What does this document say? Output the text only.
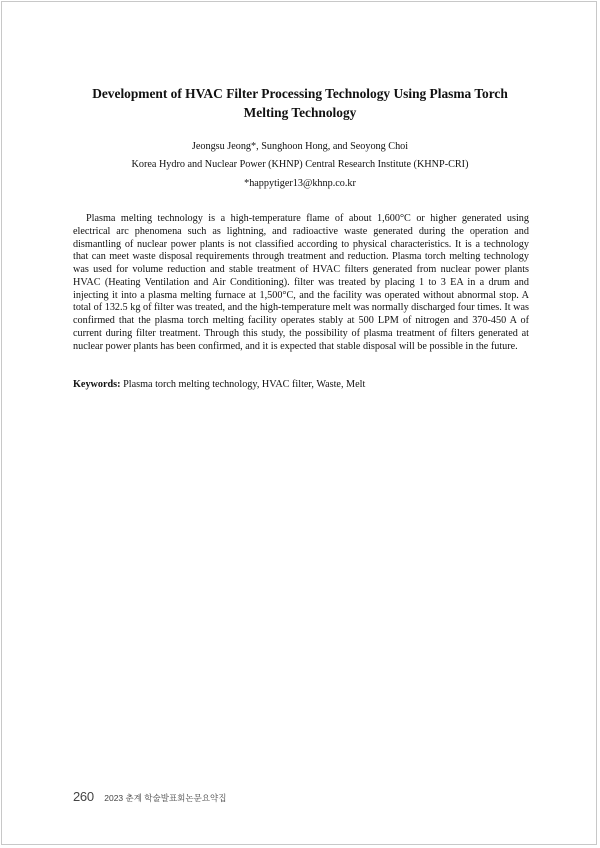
Development of HVAC Filter Processing Technology Using Plasma Torch
Melting Technology

Jeongsu Jeong*, Sunghoon Hong, and Seoyong Choi

Korea Hydro and Nuclear Power (KHNP) Central Research Institute (KHNP-CRI)

*happytiger13@khnp.co.kr

Plasma melting technology is a high-temperature flame of about 1,600°C or higher generated using electrical arc phenomena such as lightning, and radioactive waste generated during the operation and dismantling of nuclear power plants is not classified according to physical characteristics. It is a technology that can meet waste disposal requirements through treatment and reduction. Plasma torch melting technology was used for volume reduction and stable treatment of HVAC filters generated from nuclear power plants HVAC (Heating Ventilation and Air Conditioning). filter was treated by placing 1 to 3 EA in a drum and injecting it into a plasma melting furnace at 1,500°C, and the facility was operated without abnormal stop. A total of 132.5 kg of filter was treated, and the high-temperature melt was normally discharged four times. It was confirmed that the plasma torch melting facility operates stably at 500 LPM of nitrogen and 370-450 A of current during filter treatment. Through this study, the possibility of plasma treatment of filters generated at nuclear power plants has been confirmed, and it is expected that stable disposal will be possible in the future.

Keywords: Plasma torch melting technology, HVAC filter, Waste, Melt

260 2023 춘계 학술발표회논문요약집
